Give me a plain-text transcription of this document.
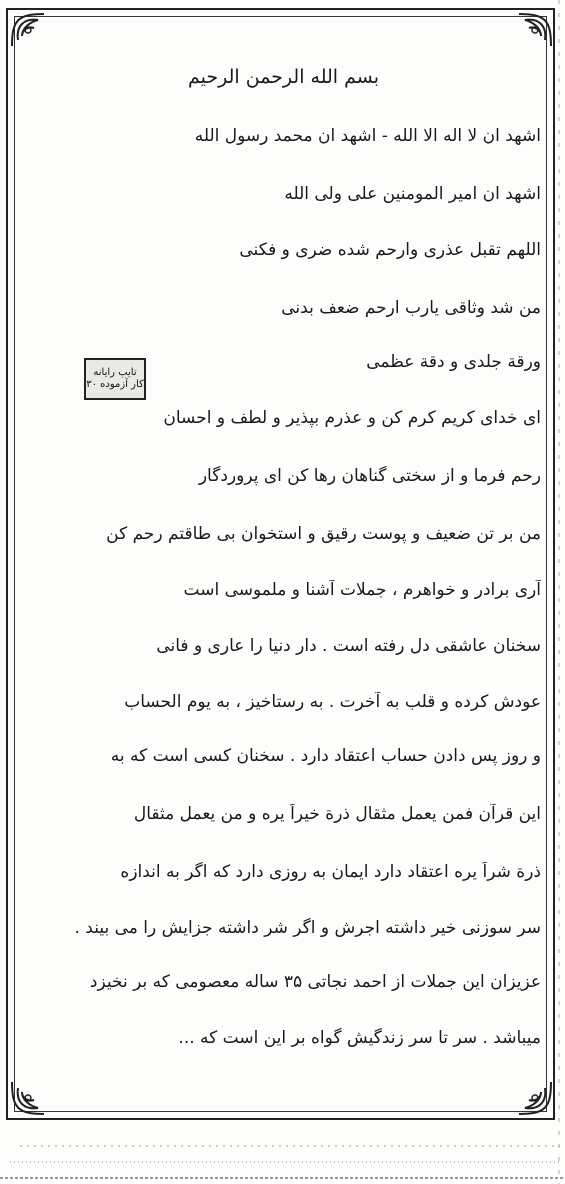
بسم الله الرحمن الرحیم
اشهد ان لا اله الا الله - اشهد ان محمد رسول الله
اشهد ان امیر المومنین علی ولی الله
اللهم تقبل عذری وارحم شده ضری و فکنی
من شد وثاقی یارب ارحم ضعف بدنی
ورقة جلدی و دقة عظمی
ای خدای کریم کرم کن و عذرم بپذیر و لطف و احسان
رحم فرما و از سختی گناهان رها کن ای پروردگار
من بر تن ضعیف و پوست رقیق و استخوان بی طاقتم رحم کن
آری برادر و خواهرم ، جملات آشنا و ملموسی است
سخنان عاشقی دل رفته است . دار دنیا را عاری و فانی
عودش کرده و قلب به آخرت . به رستاخیز ، به یوم الحساب
و روز پس دادن حساب اعتقاد دارد . سخنان کسی است که به
این قرآن فمن یعمل مثقال ذرة خیراً یره و من یعمل مثقال
ذرة شراً یره اعتقاد دارد ایمان به روزی دارد که اگر به اندازه
سر سوزنی خیر داشته اجرش و اگر شر داشته جزایش را می بیند .
عزیزان این جملات از احمد نجاتی ۳۵ ساله معصومی که بر نخیزد
میباشد . سر تا سر زندگیش گواه بر این است که ...
تایپ رایانه
کار آزموده ۳۰
